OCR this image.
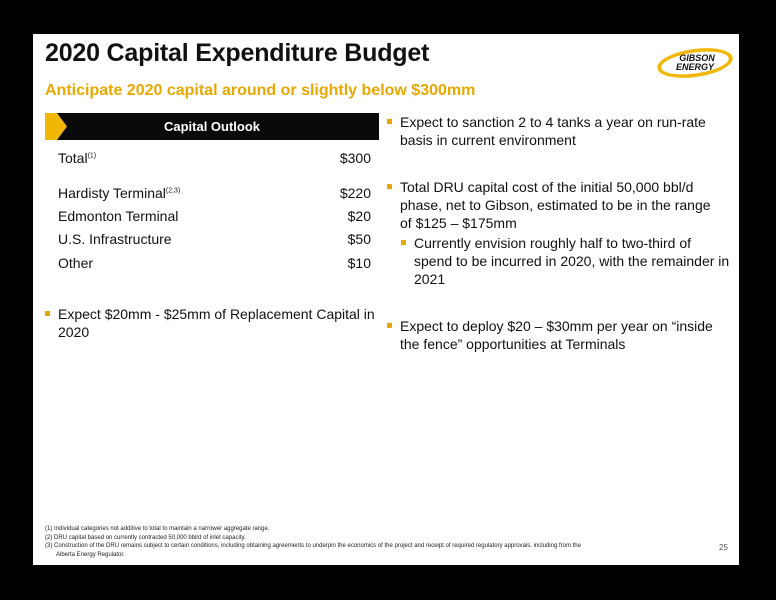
2020 Capital Expenditure Budget
Anticipate 2020 capital around or slightly below $300mm
GIBSON
ENERGY
Capital Outlook
Total$^{(1)}$	$300
Hardisty Terminal$^{(2,3)}$	$220
Edmonton Terminal	$20
U.S. Infrastructure	$50
Other	$10
Expect $20mm - $25mm of Replacement Capital in 2020
Expect to sanction 2 to 4 tanks a year on run-rate basis in current environment
Total DRU capital cost of the initial 50,000 bbl/d phase, net to Gibson, estimated to be in the range of $125 – $175mm
Currently envision roughly half to two-third of spend to be incurred in 2020, with the remainder in 2021
Expect to deploy $20 – $30mm per year on “inside the fence” opportunities at Terminals
(1) Individual categories not additive to total to maintain a narrower aggregate range.
(2) DRU capital based on currently contracted 50,000 bbl/d of inlet capacity.
(3) Construction of the DRU remains subject to certain conditions, including obtaining agreements to underpin the economics of the project and receipt of required regulatory approvals, including from the
Alberta Energy Regulator.
25
